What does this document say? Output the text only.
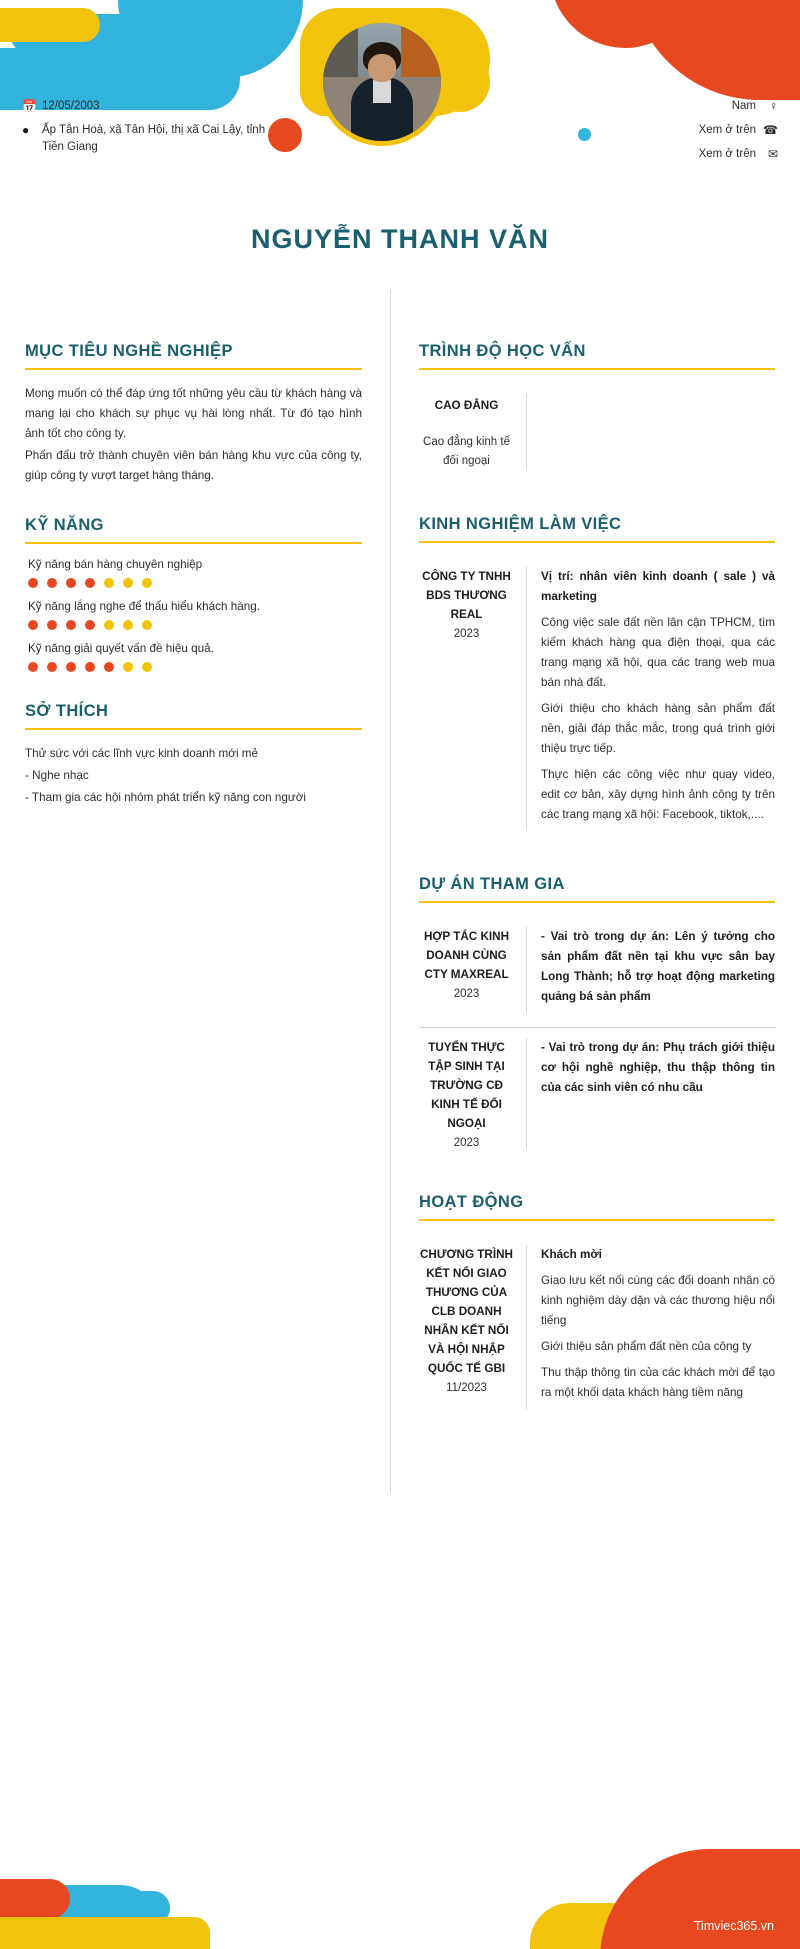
📅 12/05/2003
●	Ấp Tân Hoà, xã Tân Hội, thị xã Cai Lậy, tỉnh Tiền Giang
Nam	♀
Xem ở trên ☎
Xem ở trên ✉
NGUYỄN THANH VĂN
MỤC TIÊU NGHỀ NGHIỆP
Mong muốn có thể đáp ứng tốt những yêu cầu từ khách hàng và mang lại cho khách sự phục vụ hài lòng nhất. Từ đó tạo hình ảnh tốt cho công ty.
Phấn đấu trở thành chuyên viên bán hàng khu vực của công ty, giúp công ty vượt target hàng tháng.
KỸ NĂNG
Kỹ năng bán hàng chuyên nghiệp
Kỹ năng lắng nghe để thấu hiểu khách hàng.
Kỹ năng giải quyết vấn đề hiệu quả.
SỞ THÍCH
Thử sức với các lĩnh vực kinh doanh mới mẻ
- Nghe nhạc
- Tham gia các hội nhóm phát triển kỹ năng con người
TRÌNH ĐỘ HỌC VẤN
CAO ĐẲNG
Cao đẳng kinh tế đối ngoại
KINH NGHIỆM LÀM VIỆC
CÔNG TY TNHH BDS THƯƠNG REAL
2023
Vị trí: nhân viên kinh doanh ( sale ) và marketing
Công việc sale đất nền lân cận TPHCM, tìm kiếm khách hàng qua điện thoại, qua các trang mạng xã hội, qua các trang web mua bán nhà đất.
Giới thiệu cho khách hàng sản phẩm đất nền, giải đáp thắc mắc, trong quá trình giới thiệu trực tiếp.
Thực hiện các công việc như quay video, edit cơ bản, xây dựng hình ảnh công ty trên các trang mạng xã hội: Facebook, tiktok,....
DỰ ÁN THAM GIA
HỢP TÁC KINH DOANH CÙNG CTY MAXREAL
2023
- Vai trò trong dự án: Lên ý tưởng cho sản phẩm đất nền tại khu vực sân bay Long Thành; hỗ trợ hoạt động marketing quảng bá sản phẩm
TUYỂN THỰC TẬP SINH TẠI TRƯỜNG CĐ KINH TẾ ĐỐI NGOẠI
2023
- Vai trò trong dự án: Phụ trách giới thiệu cơ hội nghề nghiệp, thu thập thông tin của các sinh viên có nhu cầu
HOẠT ĐỘNG
CHƯƠNG TRÌNH KẾT NỐI GIAO THƯƠNG CỦA CLB DOANH NHÂN KẾT NỐI VÀ HỘI NHẬP QUỐC TẾ GBI
11/2023
Khách mời
Giao lưu kết nối cùng các đối doanh nhân có kinh nghiệm dày dặn và các thương hiệu nổi tiếng
Giới thiệu sản phẩm đất nền của công ty
Thu thập thông tin của các khách mời để tạo ra một khối data khách hàng tiềm năng
Timviec365.vn
